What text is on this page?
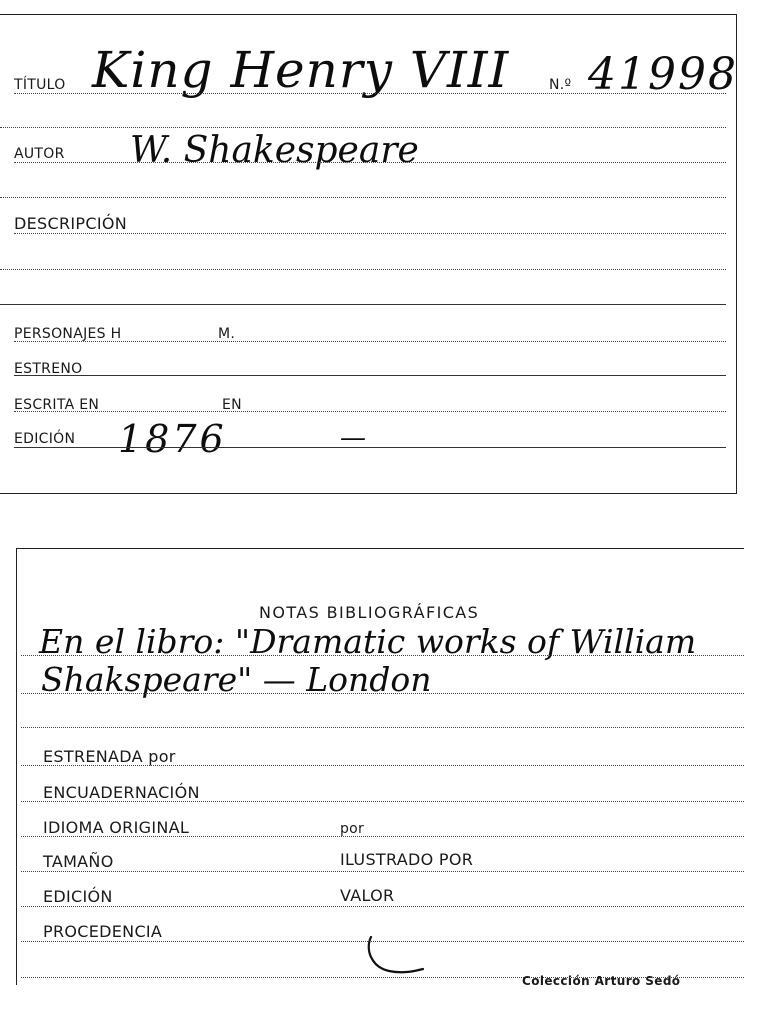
TÍTULO King Henry VIII	N.º 41998
AUTOR W. Shakespeare
DESCRIPCIÓN
PERSONAJES H	M.
ESTRENO
ESCRITA EN	EN
EDICIÓN 1876	—
NOTAS BIBLIOGRÁFICAS
En el libro: "Dramatic works of William
Shakspeare" — London
ESTRENADA por
ENCUADERNACIÓN
IDIOMA ORIGINAL	por
TAMAÑO	ILUSTRADO POR
EDICIÓN	VALOR
PROCEDENCIA
Colección Arturo Sedó
